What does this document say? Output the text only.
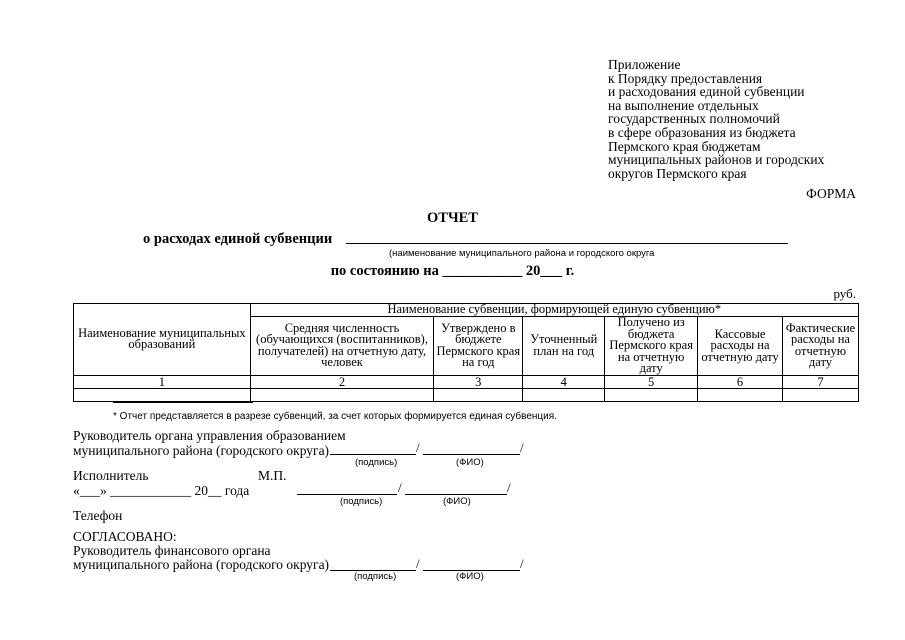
Приложение
к Порядку предоставления
и расходования единой субвенции
на выполнение отдельных
государственных полномочий
в сфере образования из бюджета
Пермского края бюджетам
муниципальных районов и городских
округов Пермского края
ФОРМА
ОТЧЕТ
о расходах единой субвенции
(наименование муниципального района и городского округа
по состоянию на ___________ 20___ г.
руб.
Наименование муниципальных образований	Наименование субвенции, формирующей единую субвенцию*					
	Средняя численность (обучающихся (воспитанников), получателей) на отчетную дату, человек	Утверждено в бюджете Пермского края на год	Уточненный план на год	Получено из бюджета Пермского края на отчетную дату	Кассовые расходы на отчетную дату	Фактические расходы на отчетную дату
1	2	3	4	5	6	7

* Отчет представляется в разрезе субвенций, за счет которых формируется единая субвенция.
Руководитель органа управления образованием
муниципального района (городского округа)	/	/
(подпись)	(ФИО)
Исполнитель	М.П.
«___» ____________ 20__ года	/	/
(подпись)	(ФИО)
Телефон
СОГЛАСОВАНО:
Руководитель финансового органа
муниципального района (городского округа)	/	/
(подпись)	(ФИО)
